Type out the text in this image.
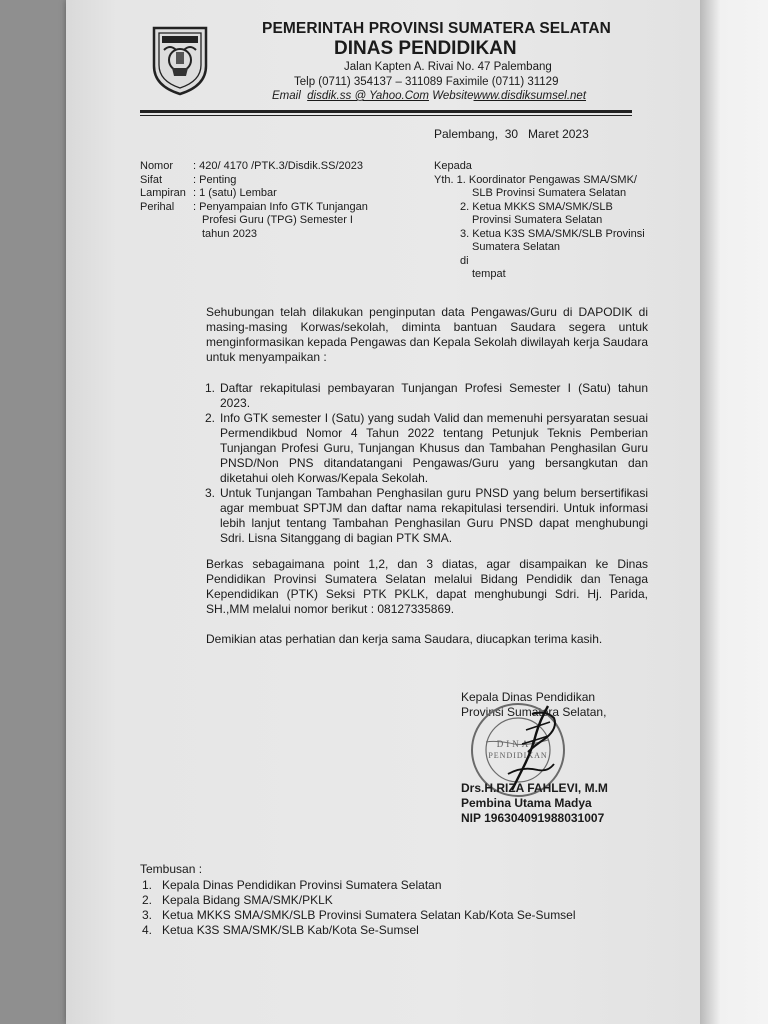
PEMERINTAH PROVINSI SUMATERA SELATAN
DINAS PENDIDIKAN
Jalan Kapten A. Rivai No. 47 Palembang
Telp (0711) 354137 – 311089 Faximile (0711) 31129
Email disdik.ss @ Yahoo.Com Websitewww.disdiksumsel.net
Palembang,  30   Maret 2023
Nomor
Sifat
Lampiran
Perihal
: 420/ 4170 /PTK.3/Disdik.SS/2023
: Penting
: 1 (satu) Lembar
: Penyampaian Info GTK Tunjangan
Profesi Guru (TPG) Semester I
tahun 2023
Kepada
Yth. 1. Koordinator Pengawas SMA/SMK/
SLB Provinsi Sumatera Selatan
2. Ketua MKKS SMA/SMK/SLB
Provinsi Sumatera Selatan
3. Ketua K3S SMA/SMK/SLB Provinsi
Sumatera Selatan
di
tempat
Sehubungan telah dilakukan penginputan data Pengawas/Guru di DAPODIK di masing-masing Korwas/sekolah, diminta bantuan Saudara segera untuk menginformasikan kepada Pengawas dan Kepala Sekolah diwilayah kerja Saudara untuk menyampaikan :
1. Daftar rekapitulasi pembayaran Tunjangan Profesi Semester I (Satu) tahun 2023.
2. Info GTK semester I (Satu) yang sudah Valid dan memenuhi persyaratan sesuai Permendikbud Nomor 4 Tahun 2022 tentang Petunjuk Teknis Pemberian Tunjangan Profesi Guru, Tunjangan Khusus dan Tambahan Penghasilan Guru PNSD/Non PNS ditandatangani Pengawas/Guru yang bersangkutan dan diketahui oleh Korwas/Kepala Sekolah.
3. Untuk Tunjangan Tambahan Penghasilan guru PNSD yang belum bersertifikasi agar membuat SPTJM dan daftar nama rekapitulasi tersendiri. Untuk informasi lebih lanjut tentang Tambahan Penghasilan Guru PNSD dapat menghubungi Sdri. Lisna Sitanggang di bagian PTK SMA.
Berkas sebagaimana point 1,2, dan 3 diatas, agar disampaikan ke Dinas Pendidikan Provinsi Sumatera Selatan melalui Bidang Pendidik dan Tenaga Kependidikan (PTK) Seksi PTK PKLK, dapat menghubungi Sdri. Hj. Parida, SH.,MM melalui nomor berikut : 08127335869.
Demikian atas perhatian dan kerja sama Saudara, diucapkan terima kasih.
Kepala Dinas Pendidikan
Provinsi Sumatera Selatan,
DINAS
PENDIDIKAN
Drs.H.RIZA FAHLEVI, M.M
Pembina Utama Madya
NIP 196304091988031007
Tembusan :
1. Kepala Dinas Pendidikan Provinsi Sumatera Selatan
2. Kepala Bidang SMA/SMK/PKLK
3. Ketua MKKS SMA/SMK/SLB Provinsi Sumatera Selatan Kab/Kota Se-Sumsel
4. Ketua K3S SMA/SMK/SLB Kab/Kota Se-Sumsel
